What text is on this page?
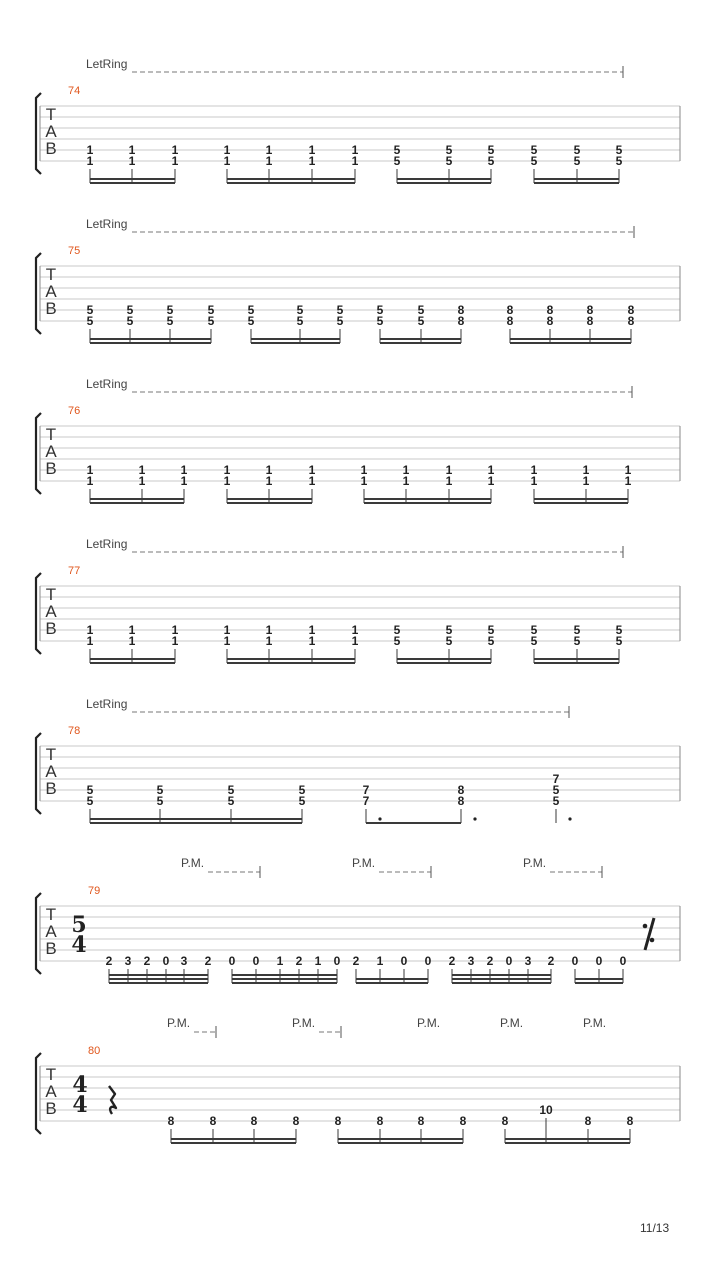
T
A
B
74
LetRing
1
1
1
1
1
1
1
1
1
1
1
1
1
1
5
5
5
5
5
5
5
5
5
5
5
5
T
A
B
75
LetRing
5
5
5
5
5
5
5
5
5
5
5
5
5
5
5
5
5
5
8
8
8
8
8
8
8
8
8
8
T
A
B
76
LetRing
1
1
1
1
1
1
1
1
1
1
1
1
1
1
1
1
1
1
1
1
1
1
1
1
1
1
T
A
B
77
LetRing
1
1
1
1
1
1
1
1
1
1
1
1
1
1
5
5
5
5
5
5
5
5
5
5
5
5
T
A
B
78
LetRing
5
5
5
5
5
5
5
5
7
7
8
8
7
5
5
T
A
B
79
P.M.	P.M.	P.M.
5
4
2 3 2 0 3 2 0 0 1 2 1 0 2 1 0 0 2 3 2 0 3 2 0 0 0
T
A
B
80
P.M.	P.M.	P.M.	P.M.	P.M.
4
4
8	8	8	8	8	8	8	8	8
10
8	8
11/13
